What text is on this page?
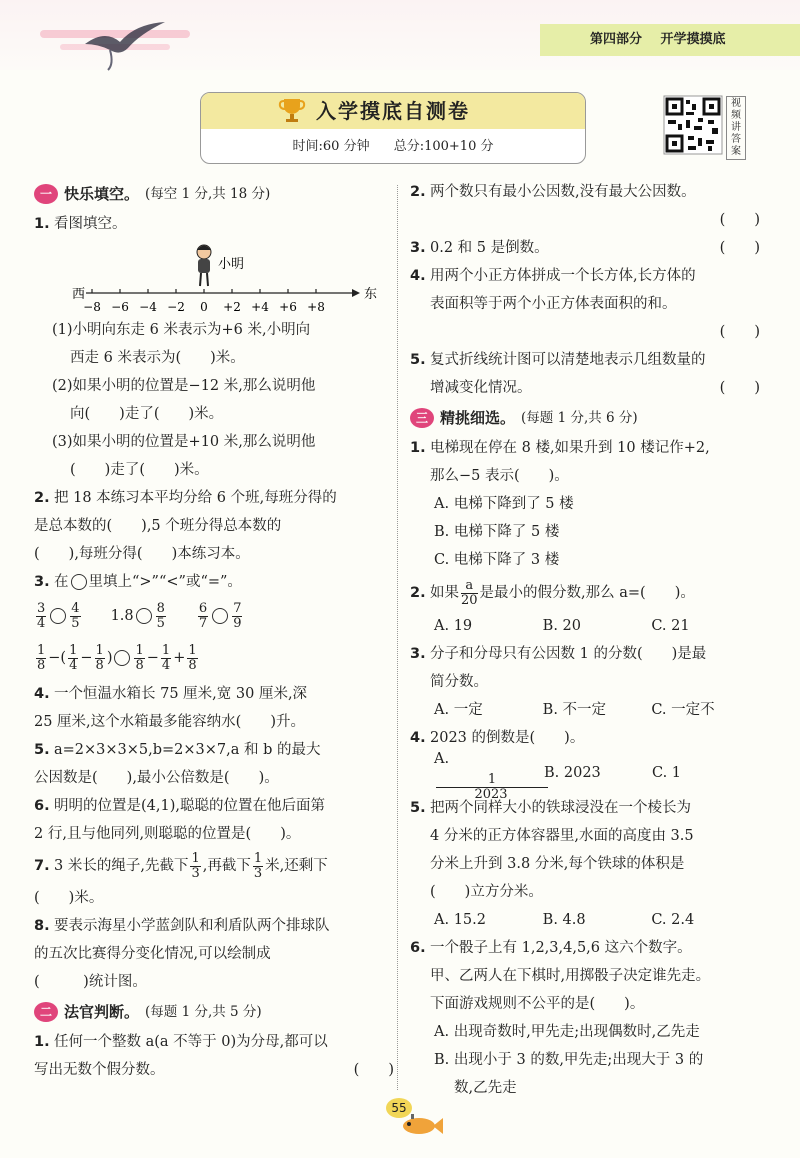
第四部分 开学摸摸底
入学摸底自测卷
时间:60 分钟 总分:100+10 分
视频讲答案
一 快乐填空。 (每空 1 分,共 18 分)
1. 看图填空。
西	东
−8 −6 −4 −2 0 +2 +4 +6 +8
小明
(1)小明向东走 6 米表示为+6 米,小明向
西走 6 米表示为(　　)米。
(2)如果小明的位置是−12 米,那么说明他
向(　　)走了(　　)米。
(3)如果小明的位置是+10 米,那么说明他
(　　)走了(　　)米。
2. 把 18 本练习本平均分给 6 个班,每班分得的
是总本数的(　　),5 个班分得总本数的
(　　),每班分得(　　)本练习本。
3. 在 里填上“>”“<”或“=”。
$\frac{3}{4} \frac{4}{5} 1.8 \frac{8}{5} \frac{6}{7} \frac{7}{9}$
$\frac{1}{8}$ −( $\frac{1}{4} - \frac{1}{8}$ ) $\frac{1}{8} - \frac{1}{4} + \frac{1}{8}$
4. 一个恒温水箱长 75 厘米,宽 30 厘米,深
25 厘米,这个水箱最多能容纳水(　　)升。
5. a=2×3×3×5,b=2×3×7,a 和 b 的最大
公因数是(　　),最小公倍数是(　　)。
6. 明明的位置是(4,1),聪聪的位置在他后面第
2 行,且与他同列,则聪聪的位置是(　　)。
7. 3 米长的绳子,先截下 $\frac{1}{3}$ ,再截下 $\frac{1}{3}$ 米,还剩下
(　　)米。
8. 要表示海星小学蓝剑队和利盾队两个排球队
的五次比赛得分变化情况,可以绘制成
(　　　)统计图。
二 法官判断。 (每题 1 分,共 5 分)
1. 任何一个整数 a(a 不等于 0)为分母,都可以
写出无数个假分数。	(　　)
2. 两个数只有最小公因数,没有最大公因数。
(　　)
3. 0.2 和 5 是倒数。	(　　)
4. 用两个小正方体拼成一个长方体,长方体的
表面积等于两个小正方体表面积的和。
(　　)
5. 复式折线统计图可以清楚地表示几组数量的
增减变化情况。	(　　)
三 精挑细选。 (每题 1 分,共 6 分)
1. 电梯现在停在 8 楼,如果升到 10 楼记作+2,
那么−5 表示(　　)。
A. 电梯下降到了 5 楼
B. 电梯下降了 5 楼
C. 电梯下降了 3 楼
2. 如果 $\frac{a}{20}$ 是最小的假分数,那么 a=(　　)。
A. 19	B. 20	C. 21
3. 分子和分母只有公因数 1 的分数(　　)是最
简分数。
A. 一定	B. 不一定	C. 一定不
4. 2023 的倒数是(　　)。
A.
$\frac{1}{2023}$
B. 2023	C. 1
5. 把两个同样大小的铁球浸没在一个棱长为
4 分米的正方体容器里,水面的高度由 3.5
分米上升到 3.8 分米,每个铁球的体积是
(　　)立方分米。
A. 15.2	B. 4.8	C. 2.4
6. 一个骰子上有 1,2,3,4,5,6 这六个数字。
甲、乙两人在下棋时,用掷骰子决定谁先走。
下面游戏规则不公平的是(　　)。
A. 出现奇数时,甲先走;出现偶数时,乙先走
B. 出现小于 3 的数,甲先走;出现大于 3 的
数,乙先走
55
